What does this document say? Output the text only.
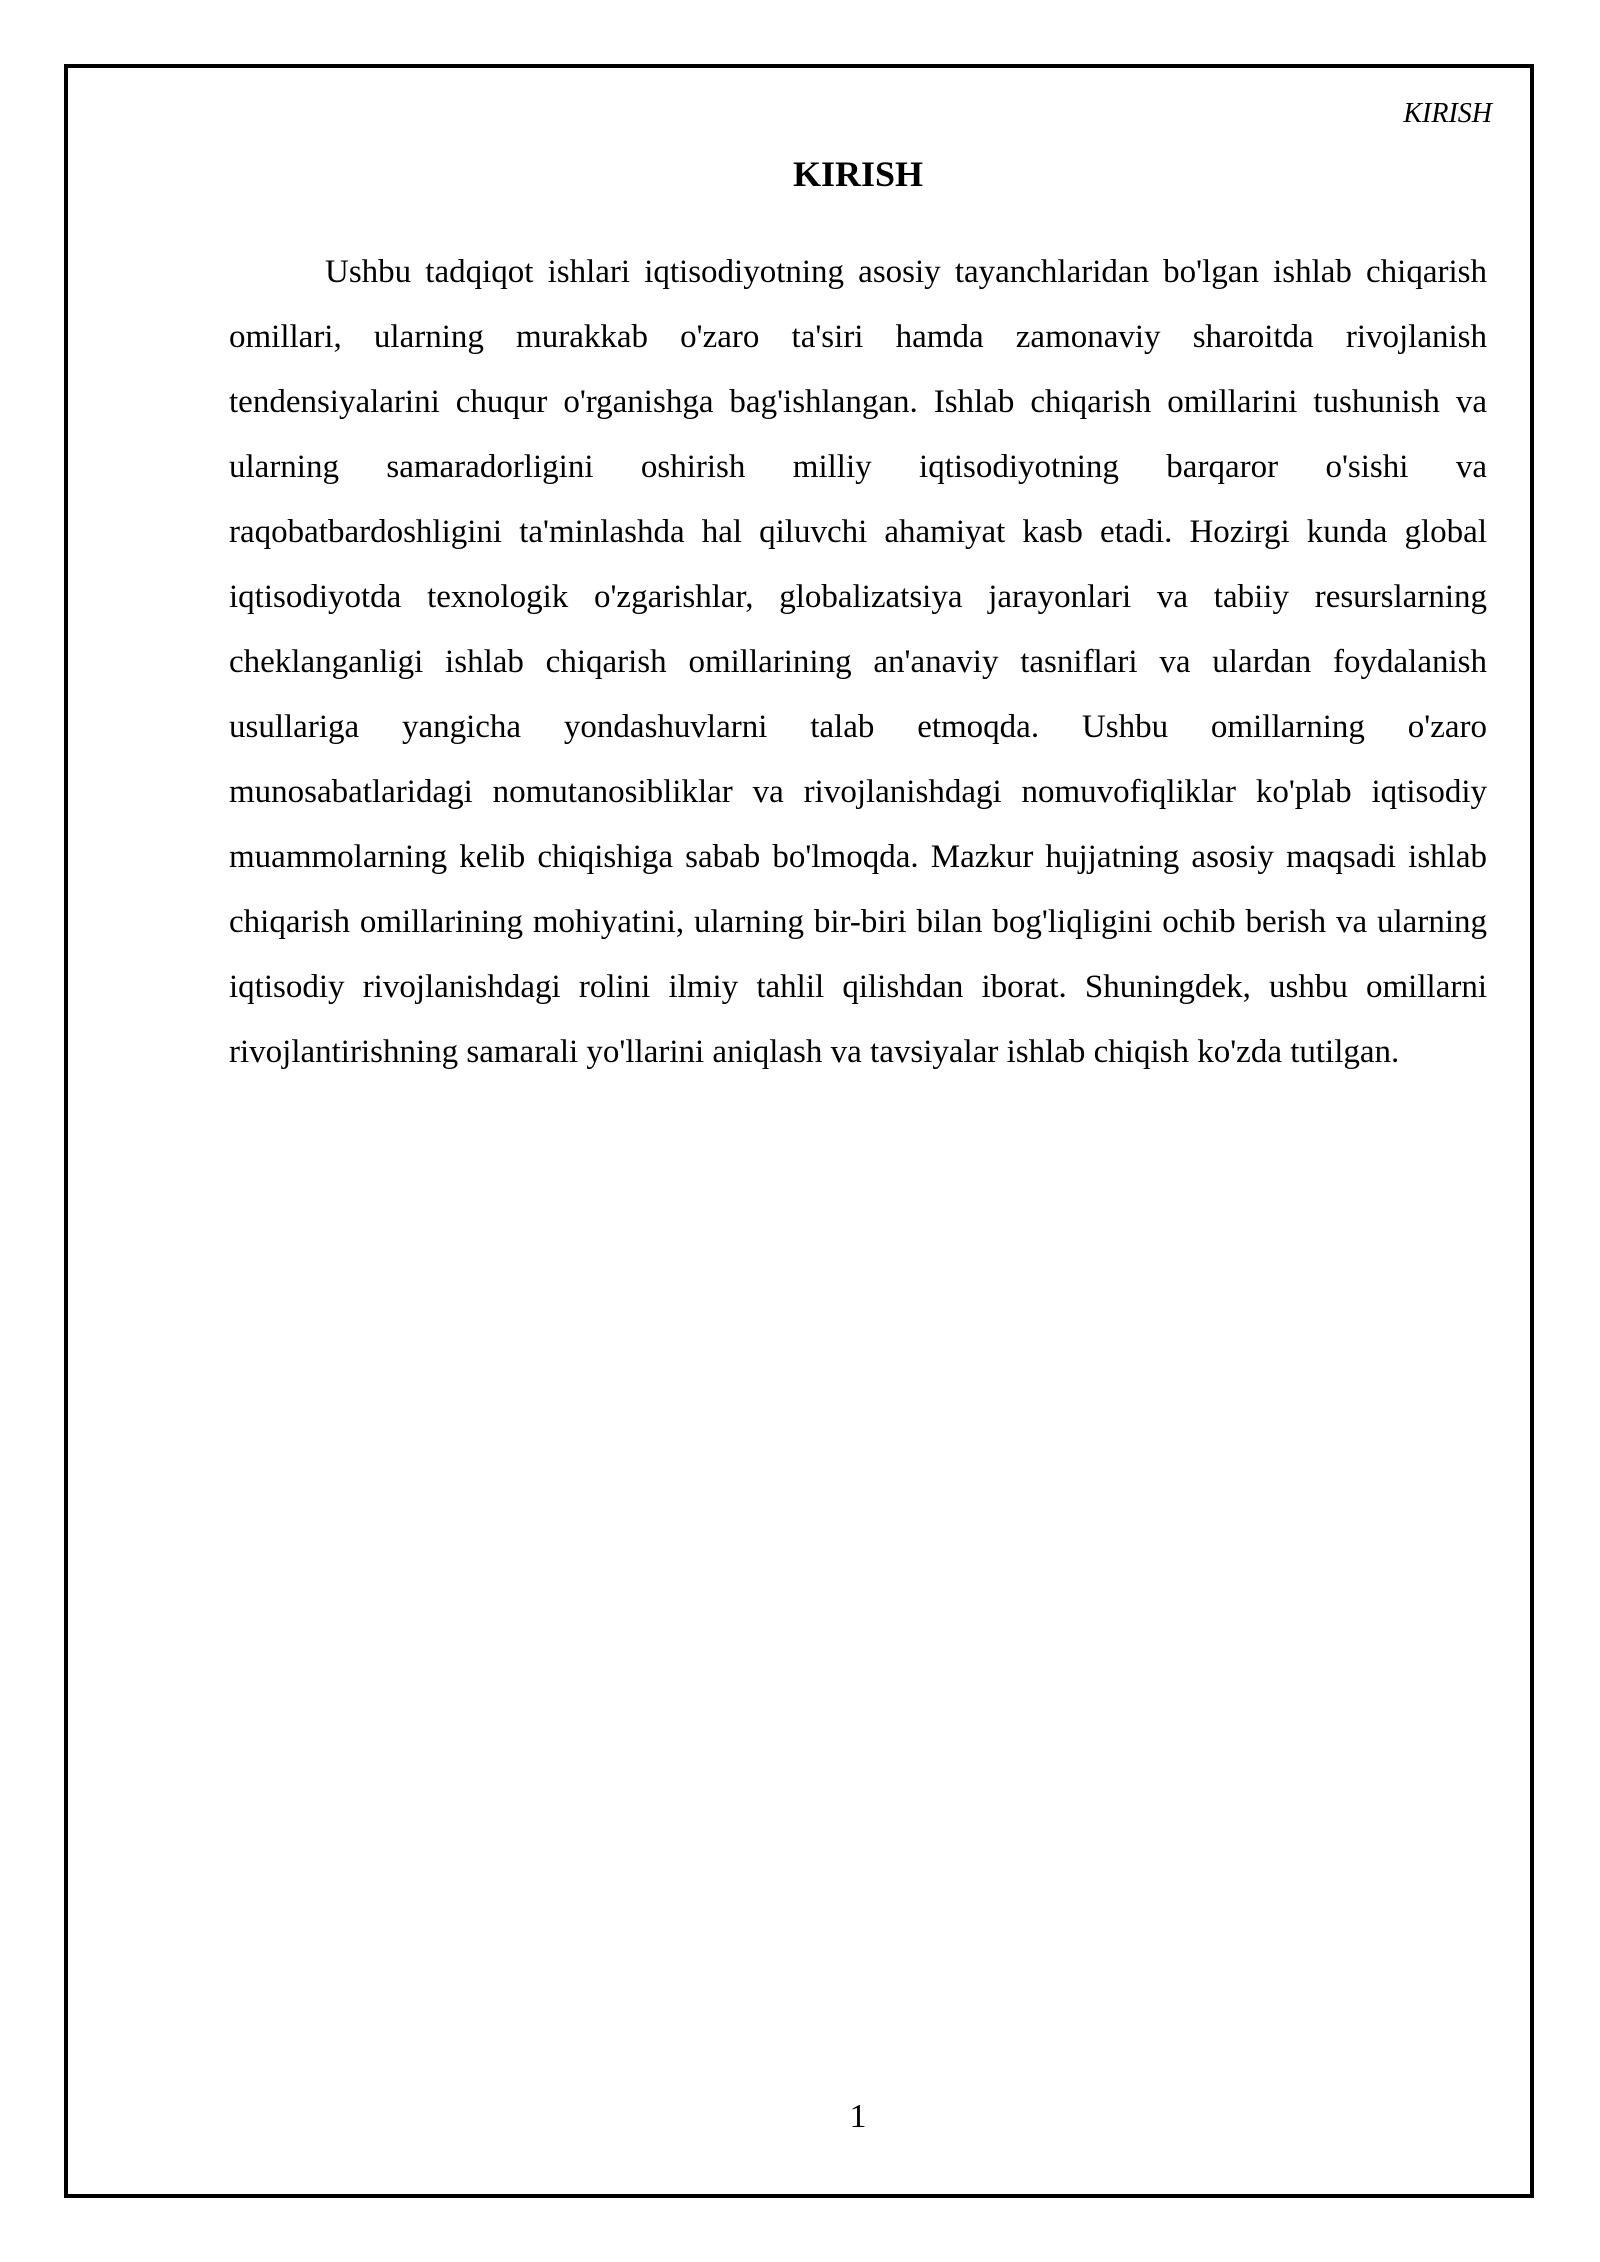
KIRISH
KIRISH

Ushbu tadqiqot ishlari iqtisodiyotning asosiy tayanchlaridan bo'lgan ishlab chiqarish omillari, ularning murakkab o'zaro ta'siri hamda zamonaviy sharoitda rivojlanish tendensiyalarini chuqur o'rganishga bag'ishlangan. Ishlab chiqarish omillarini tushunish va ularning samaradorligini oshirish milliy iqtisodiyotning barqaror o'sishi va raqobatbardoshligini ta'minlashda hal qiluvchi ahamiyat kasb etadi. Hozirgi kunda global iqtisodiyotda texnologik o'zgarishlar, globalizatsiya jarayonlari va tabiiy resurslarning cheklanganligi ishlab chiqarish omillarining an'anaviy tasniflari va ulardan foydalanish usullariga yangicha yondashuvlarni talab etmoqda. Ushbu omillarning o'zaro munosabatlaridagi nomutanosibliklar va rivojlanishdagi nomuvofiqliklar ko'plab iqtisodiy muammolarning kelib chiqishiga sabab bo'lmoqda. Mazkur hujjatning asosiy maqsadi ishlab chiqarish omillarining mohiyatini, ularning bir-biri bilan bog'liqligini ochib berish va ularning iqtisodiy rivojlanishdagi rolini ilmiy tahlil qilishdan iborat. Shuningdek, ushbu omillarni rivojlantirishning samarali yo'llarini aniqlash va tavsiyalar ishlab chiqish ko'zda tutilgan.

1
